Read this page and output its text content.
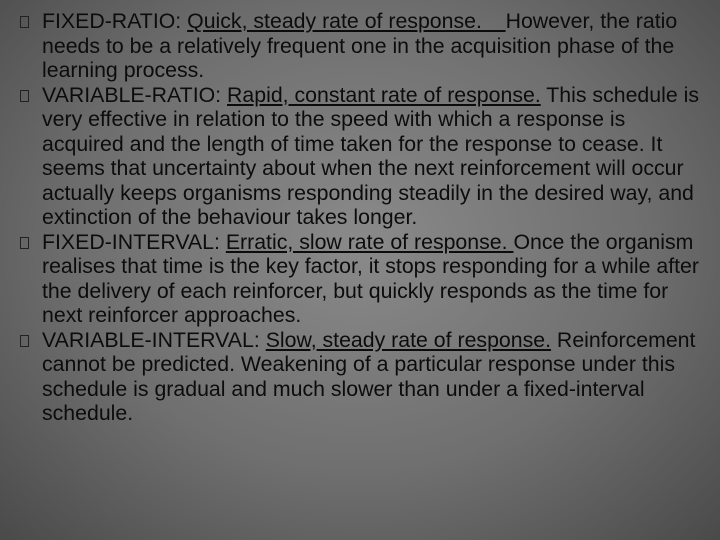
FIXED-RATIO: Quick, steady rate of response.    However, the ratio needs to be a relatively frequent one in the acquisition phase of the learning process.
VARIABLE-RATIO: Rapid, constant rate of response. This schedule is very effective in relation to the speed with which a response is acquired and the length of time taken for the response to cease. It seems that uncertainty about when the next reinforcement will occur actually keeps organisms responding steadily in the desired way, and extinction of the behaviour takes longer.
FIXED-INTERVAL: Erratic, slow rate of response. Once the organism realises that time is the key factor, it stops responding for a while after the delivery of each reinforcer, but quickly responds as the time for next reinforcer approaches.
VARIABLE-INTERVAL: Slow, steady rate of response. Reinforcement cannot be predicted. Weakening of a particular response under this schedule is gradual and much slower than under a fixed-interval schedule.
